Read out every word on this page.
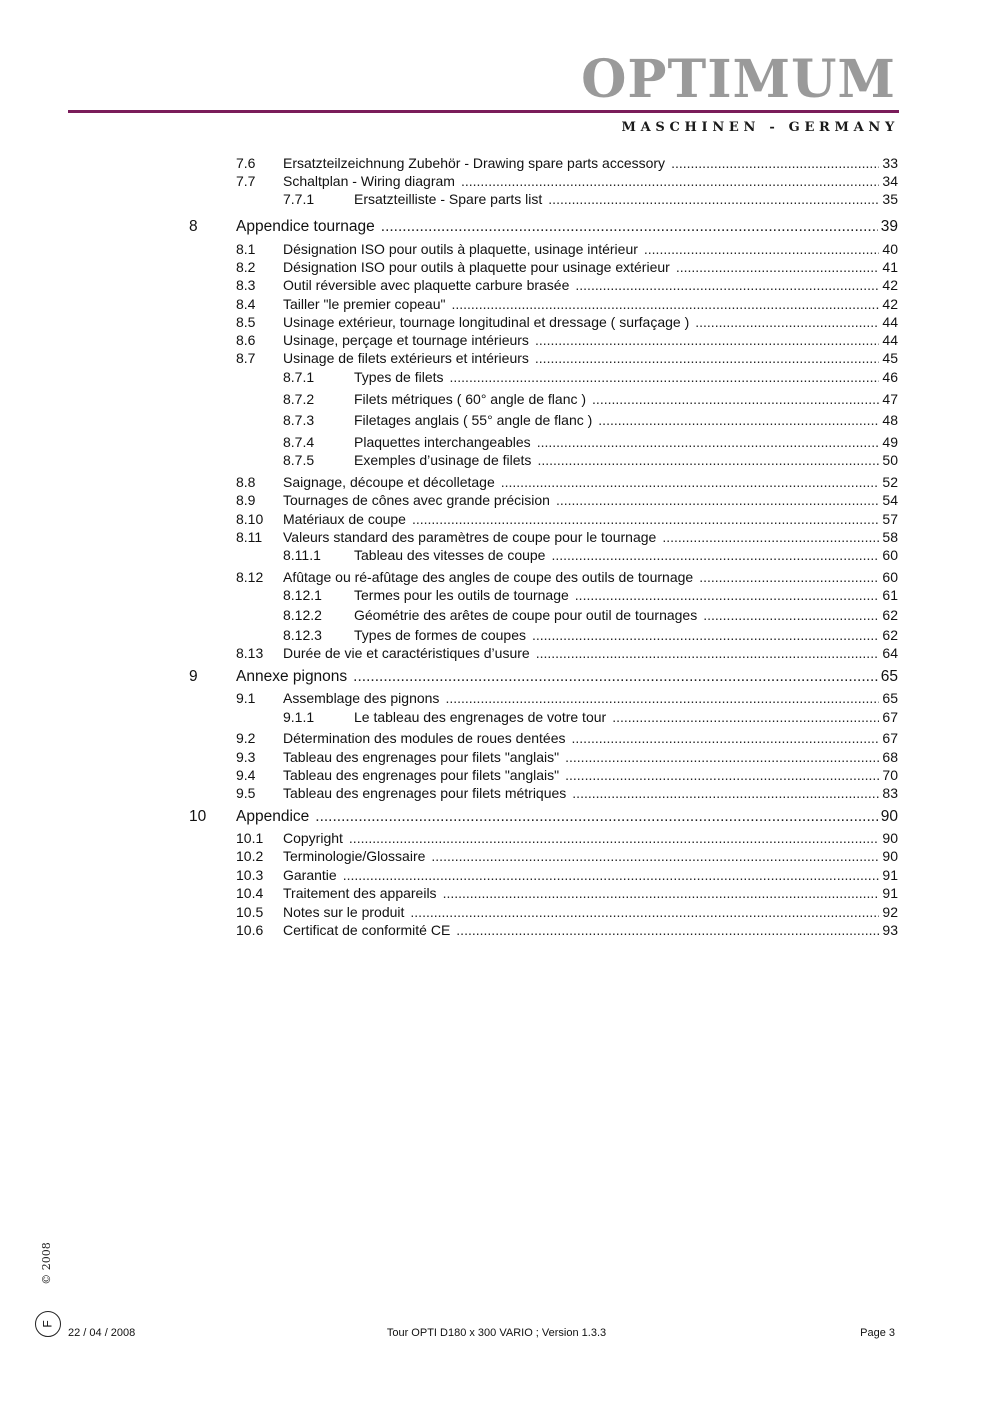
OPTIMUM

MASCHINEN - GERMANY

7.6 Ersatzteilzeichnung Zubehör - Drawing spare parts accessory .....	33
7.7 Schaltplan - Wiring diagram .....	34
7.7.1	Ersatzteilliste - Spare parts list .....	35
8 Appendice tournage .....	39
8.1 Désignation ISO pour outils à plaquette, usinage intérieur .....	40
8.2 Désignation ISO pour outils à plaquette pour usinage extérieur .....	41
8.3 Outil réversible avec plaquette carbure brasée .....	42
8.4 Tailler "le premier copeau" .....	42
8.5 Usinage extérieur, tournage longitudinal et dressage ( surfaçage ) .....	44
8.6 Usinage, perçage et tournage intérieurs .....	44
8.7 Usinage de filets extérieurs et intérieurs .....	45
8.7.1	Types de filets .....	46
8.7.2	Filets métriques ( 60° angle de flanc ) .....	47
8.7.3	Filetages anglais ( 55° angle de flanc ) .....	48
8.7.4	Plaquettes interchangeables .....	49
8.7.5	Exemples d’usinage de filets .....	50
8.8 Saignage, découpe et décolletage .....	52
8.9 Tournages de cônes avec grande précision .....	54
8.10 Matériaux de coupe .....	57
8.11 Valeurs standard des paramètres de coupe pour le tournage .....	58
8.11.1 Tableau des vitesses de coupe .....	60
8.12 Afûtage ou ré-afûtage des angles de coupe des outils de tournage .....	60
8.12.1 Termes pour les outils de tournage .....	61
8.12.2 Géométrie des arêtes de coupe pour outil de tournages .....	62
8.12.3 Types de formes de coupes .....	62
8.13 Durée de vie et caractéristiques d’usure .....	64
9 Annexe pignons .....	65
9.1 Assemblage des pignons .....	65
9.1.1	Le tableau des engrenages de votre tour .....	67
9.2 Détermination des modules de roues dentées .....	67
9.3 Tableau des engrenages pour filets "anglais" .....	68
9.4 Tableau des engrenages pour filets "anglais" .....	70
9.5 Tableau des engrenages pour filets métriques .....	83
10 Appendice .....	90
10.1 Copyright .....	90
10.2 Terminologie/Glossaire .....	90
10.3 Garantie .....	91
10.4 Traitement des appareils .....	91
10.5 Notes sur le produit .....	92
10.6 Certificat de conformité CE .....	93
© 2008
F
22 / 04 / 2008	Tour OPTI D180 x 300 VARIO ; Version 1.3.3	Page 3
